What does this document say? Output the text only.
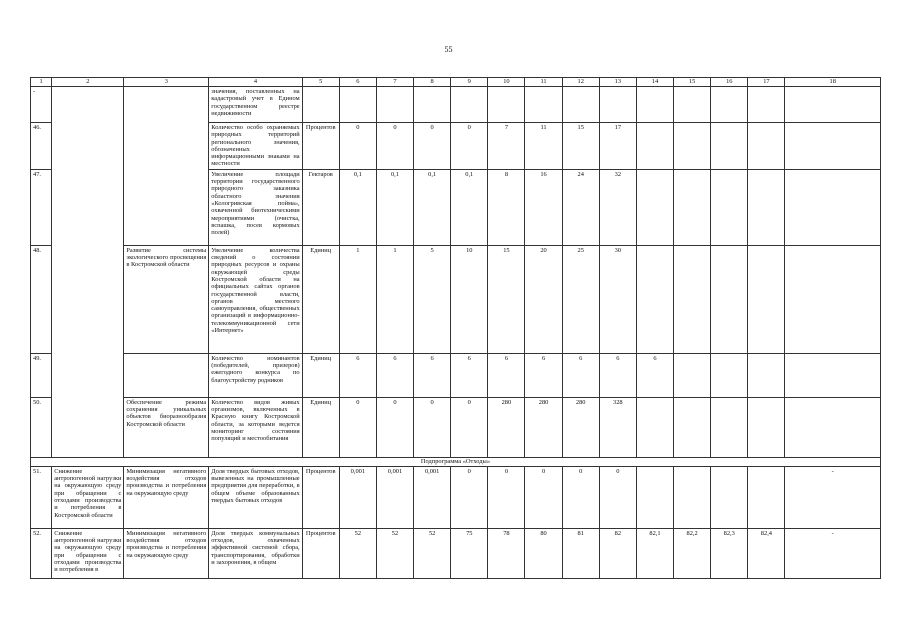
55
1	2	3	4	5	6	7	8	9	10	11	12	13	14	15	16	17	18
-			значения, поставленных на кадастровый учет в Едином государственном реестре недвижимости														
46.			Количество особо охраняемых природных территорий регионального значения, обозначенных информационными знаками на местности	Процентов	0	0	0	0	7	11	15	17					
47.			Увеличение площади территории государственного природного заказника областного значения «Кологривская пойма», охваченной биотехническими мероприятиями (очистка, вспашка, посев кормовых полей)	Гектаров	0,1	0,1	0,1	0,1	8	16	24	32					
48.		Развитие системы экологического просвещения в Костромской области	Увеличение количества сведений о состоянии природных ресурсов и охраны окружающей среды Костромской области на официальных сайтах органов государственной власти, органов местного самоуправления, общественных организаций в информационно-телекоммуникационной сети «Интернет»	Единиц	1	1	5	10	15	20	25	30					
49.			Количество номинантов (победителей, призеров) ежегодного конкурса по благоустройству родников	Единиц	6	6	6	6	6	6	6	6	6				
50.		Обеспечение режима сохранения уникальных объектов биоразнообразия Костромской области	Количество видов живых организмов, включенных в Красную книгу Костромской области, за которыми ведется мониторинг состояния популяций и местообитания	Единиц	0	0	0	0	280	280	280	328					
Подпрограмма «Отходы»																	
51.	Снижение антропогенной нагрузки на окружающую среду при обращении с отходами производства и потребления в Костромской области	Минимизация негативного воздействия отходов производства и потребления на окружающую среду	Доля твердых бытовых отходов, вывезенных на промышленные предприятия для переработки, в общем объеме образованных твердых бытовых отходов	Процентов	0,001	0,001	0,001	0	0	0	0	0					-
52.	Снижение антропогенной нагрузки на окружающую среду при обращении с отходами производства и потребления в	Минимизация негативного воздействия отходов производства и потребления на окружающую среду	Доля твердых коммунальных отходов, охваченных эффективной системой сбора, транспортирования, обработки и захоронения, в общем	Процентов	52	52	52	75	78	80	81	82	82,1	82,2	82,3	82,4	-
